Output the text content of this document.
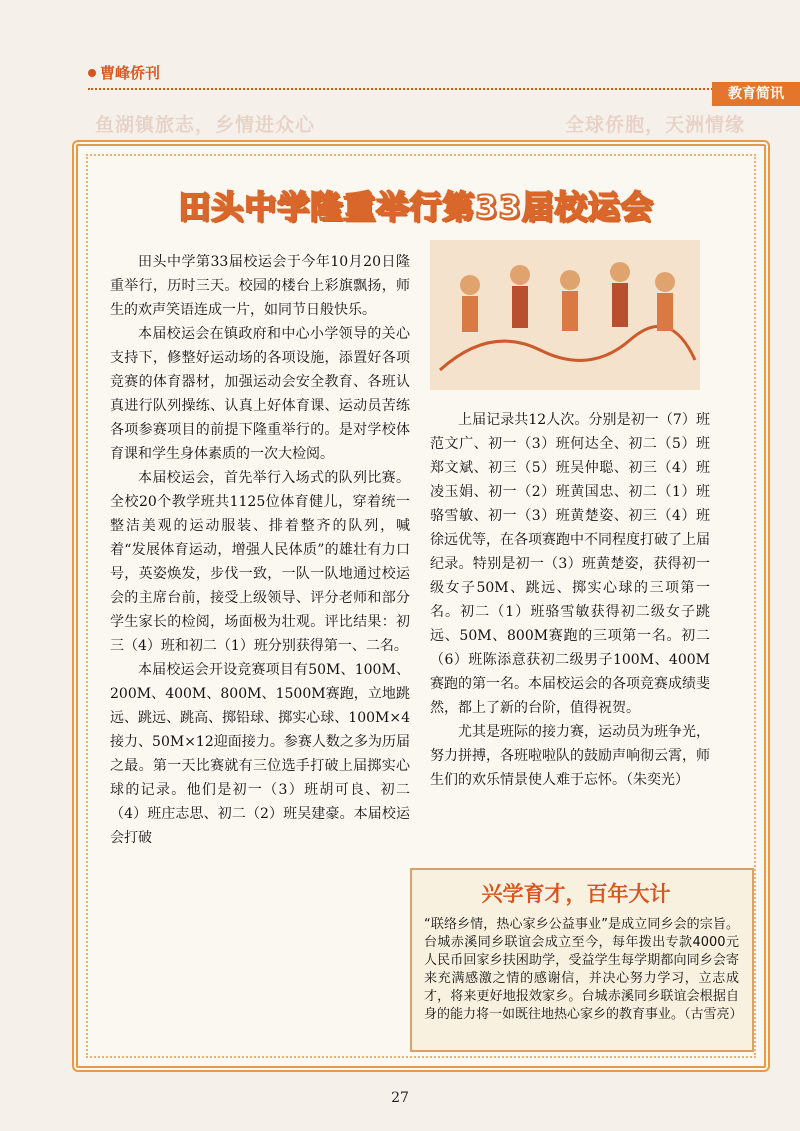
曹峰侨刊
教育简讯
鱼湖镇旅志，乡情进众心	全球侨胞，天洲情缘
田头中学隆重举行第33届校运会

田头中学第33届校运会于今年10月20日隆重举行，历时三天。校园的楼台上彩旗飘扬，师生的欢声笑语连成一片，如同节日般快乐。

本届校运会在镇政府和中心小学领导的关心支持下，修整好运动场的各项设施，添置好各项竞赛的体育器材，加强运动会安全教育、各班认真进行队列操练、认真上好体育课、运动员苦练各项参赛项目的前提下隆重举行的。是对学校体育课和学生身体素质的一次大检阅。

本届校运会，首先举行入场式的队列比赛。全校20个教学班共1125位体育健儿，穿着统一整洁美观的运动服装、排着整齐的队列，喊着“发展体育运动，增强人民体质”的雄壮有力口号，英姿焕发，步伐一致，一队一队地通过校运会的主席台前，接受上级领导、评分老师和部分学生家长的检阅，场面极为壮观。评比结果：初三（4）班和初二（1）班分别获得第一、二名。

本届校运会开设竞赛项目有50M、100M、200M、400M、800M、1500M赛跑，立地跳远、跳远、跳高、掷铅球、掷实心球、100M×4接力、50M×12迎面接力。参赛人数之多为历届之最。第一天比赛就有三位选手打破上届掷实心球的记录。他们是初一（3）班胡可良、初二（4）班庄志思、初二（2）班吴建豪。本届校运会打破

上届记录共12人次。分别是初一（7）班范文广、初一（3）班何达全、初二（5）班郑文斌、初三（5）班吴仲聪、初三（4）班凌玉娟、初一（2）班黄国忠、初二（1）班骆雪敏、初一（3）班黄楚姿、初三（4）班徐远优等，在各项赛跑中不同程度打破了上届纪录。特别是初一（3）班黄楚姿，获得初一级女子50M、跳远、掷实心球的三项第一名。初二（1）班骆雪敏获得初二级女子跳远、50M、800M赛跑的三项第一名。初二（6）班陈添意获初二级男子100M、400M赛跑的第一名。本届校运会的各项竞赛成绩斐然，都上了新的台阶，值得祝贺。

尤其是班际的接力赛，运动员为班争光，努力拼搏，各班啦啦队的鼓励声响彻云霄，师生们的欢乐情景使人难于忘怀。（朱奕光）

兴学育才，百年大计
“联络乡情，热心家乡公益事业”是成立同乡会的宗旨。台城赤溪同乡联谊会成立至今，每年拨出专款4000元人民币回家乡扶困助学，受益学生每学期都向同乡会寄来充满感激之情的感谢信，并决心努力学习，立志成才，将来更好地报效家乡。台城赤溪同乡联谊会根据自身的能力将一如既往地热心家乡的教育事业。（古雪亮）
27
